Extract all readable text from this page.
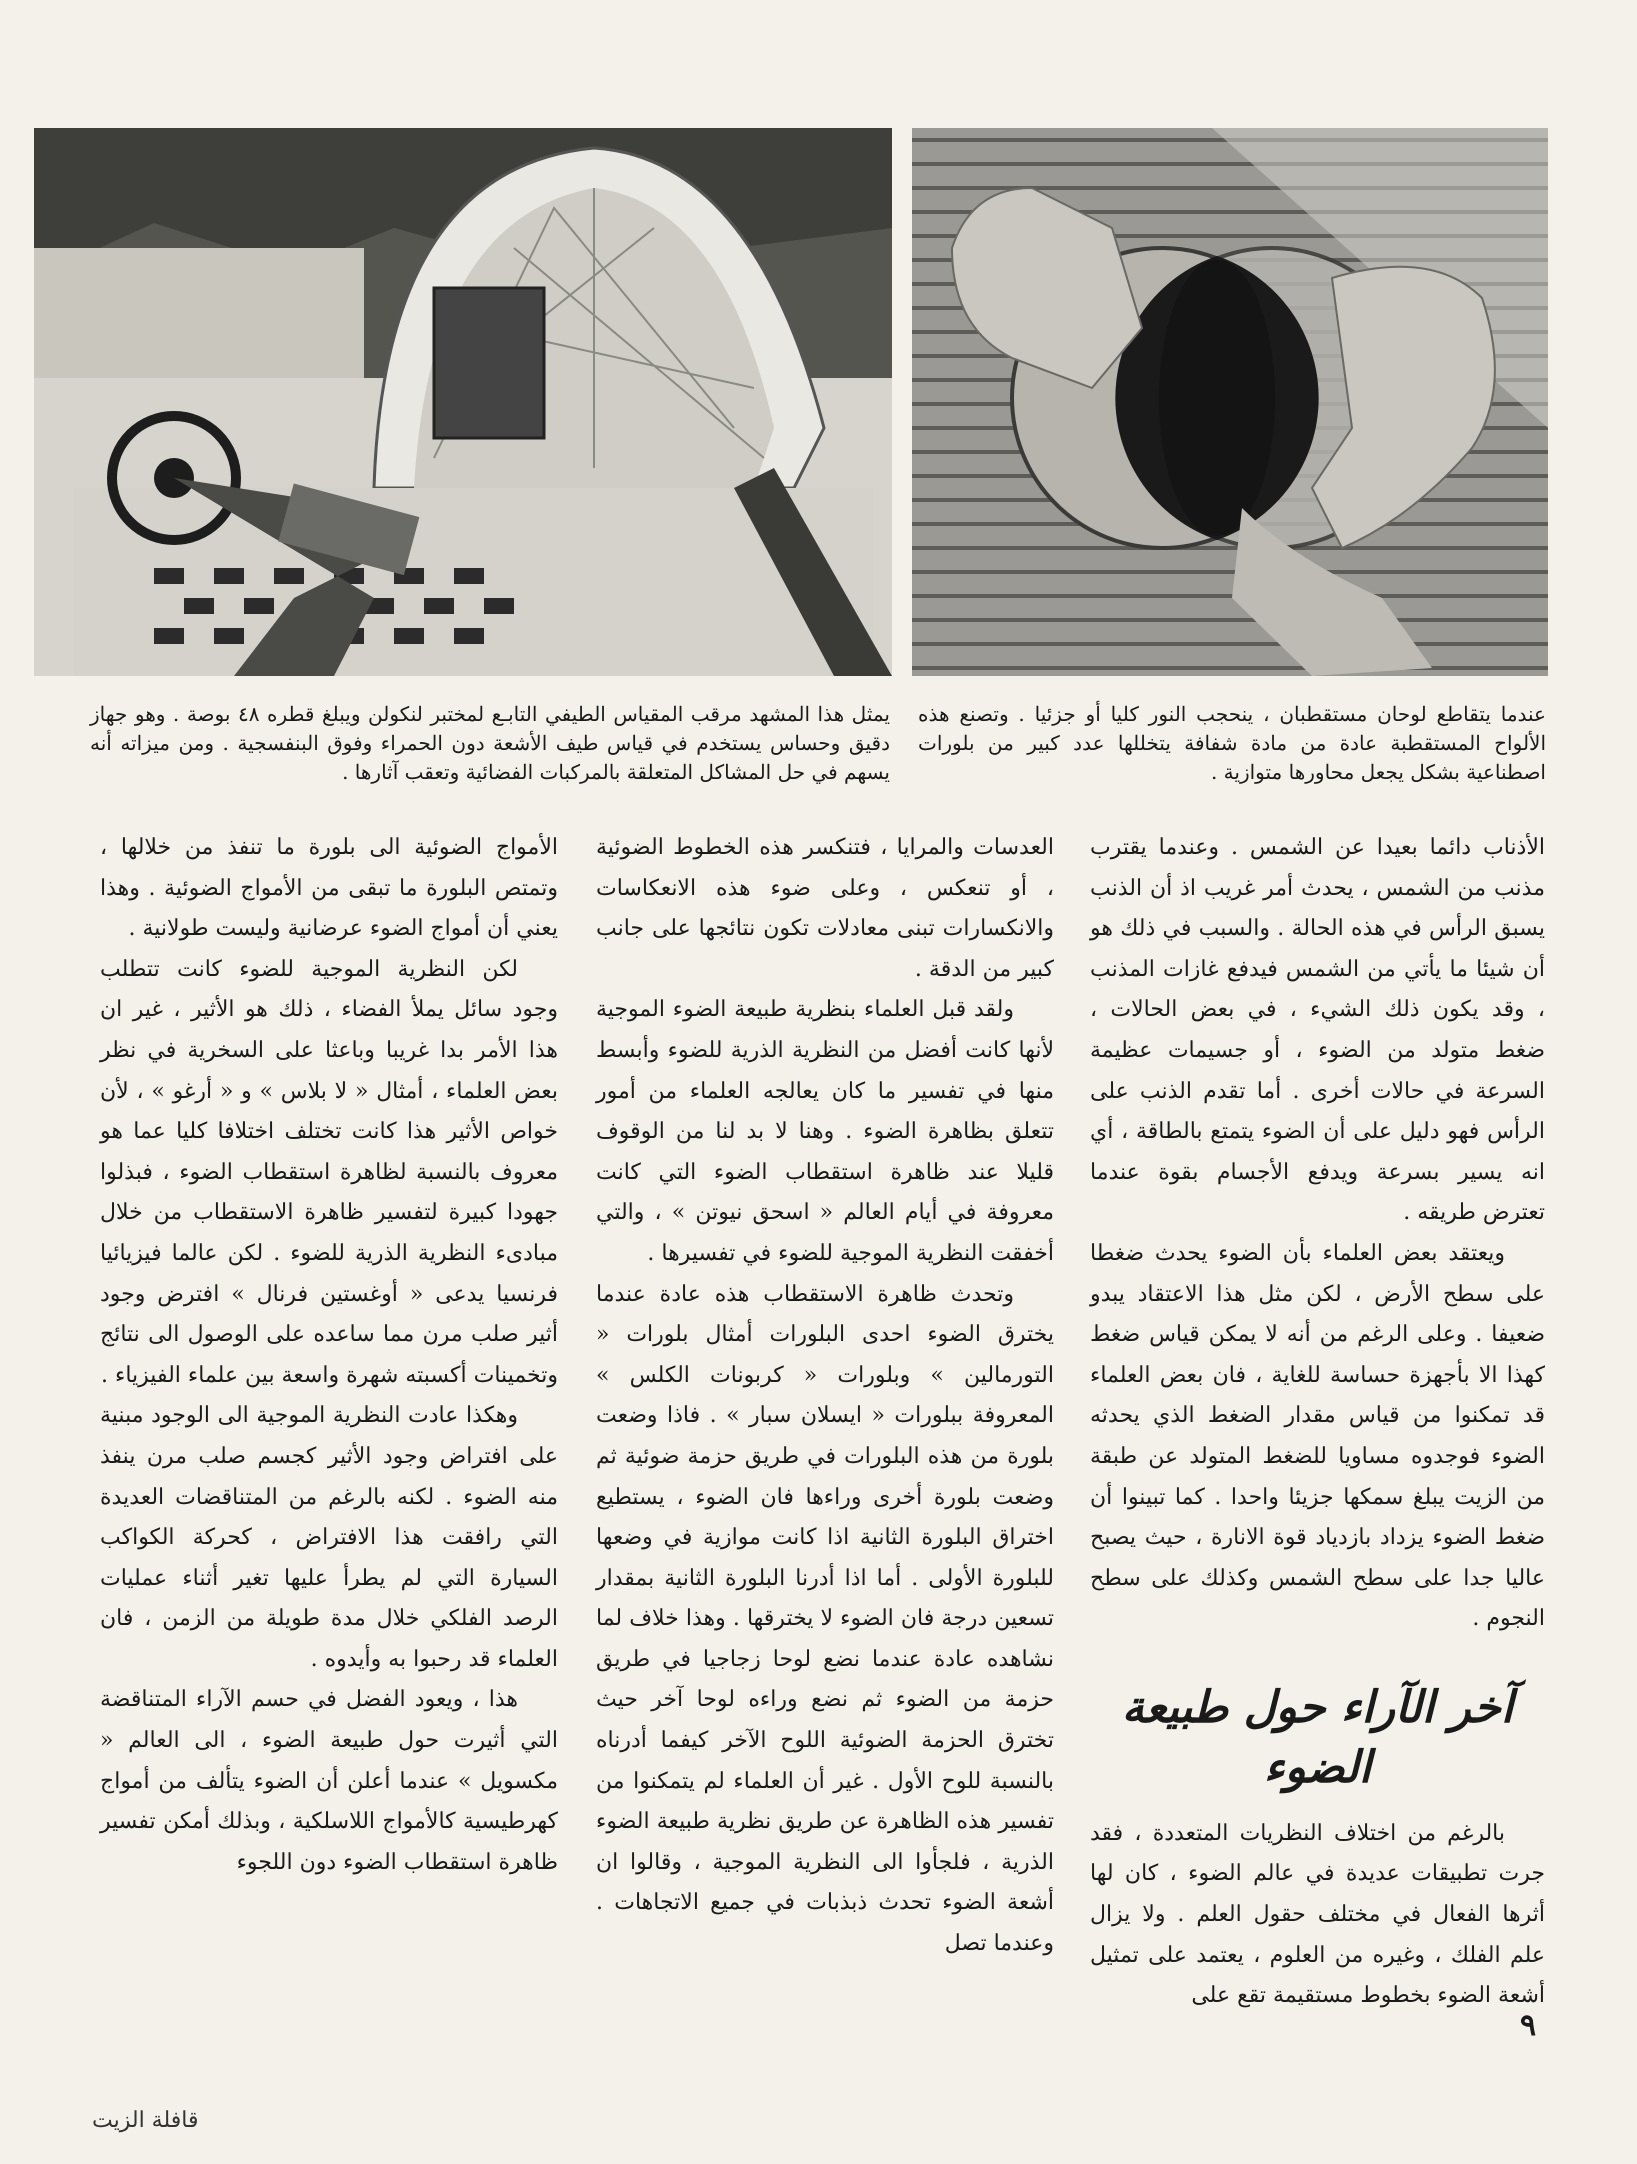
يمثل هذا المشهد مرقب المقياس الطيفي التابـع لمختبر لنكولن ويبلغ قطره ٤٨ بوصة . وهو جهاز دقيق وحساس يستخدم في قياس طيف الأشعة دون الحمراء وفوق البنفسجية . ومن ميزاته أنه يسهم في حل المشاكل المتعلقة بالمركبات الفضائية وتعقب آثارها .
عندما يتقاطع لوحان مستقطبان ، ينحجب النور كليا أو جزئيا . وتصنع هذه الألواح المستقطبة عادة من مادة شفافة يتخللها عدد كبير من بلورات اصطناعية بشكل يجعل محاورها متوازية .

الأذناب دائما بعيدا عن الشمس . وعندما يقترب مذنب من الشمس ، يحدث أمر غريب اذ أن الذنب يسبق الرأس في هذه الحالة . والسبب في ذلك هو أن شيئا ما يأتي من الشمس فيدفع غازات المذنب ، وقد يكون ذلك الشيء ، في بعض الحالات ، ضغط متولد من الضوء ، أو جسيمات عظيمة السرعة في حالات أخرى . أما تقدم الذنب على الرأس فهو دليل على أن الضوء يتمتع بالطاقة ، أي انه يسير بسرعة ويدفع الأجسام بقوة عندما تعترض طريقه .

ويعتقد بعض العلماء بأن الضوء يحدث ضغطا على سطح الأرض ، لكن مثل هذا الاعتقاد يبدو ضعيفا . وعلى الرغم من أنه لا يمكن قياس ضغط كهذا الا بأجهزة حساسة للغاية ، فان بعض العلماء قد تمكنوا من قياس مقدار الضغط الذي يحدثه الضوء فوجدوه مساويا للضغط المتولد عن طبقة من الزيت يبلغ سمكها جزيئا واحدا . كما تبينوا أن ضغط الضوء يزداد بازدياد قوة الانارة ، حيث يصبح عاليا جدا على سطح الشمس وكذلك على سطح النجوم .

آخر الآراء حول طبيعة الضوء

بالرغم من اختلاف النظريات المتعددة ، فقد جرت تطبيقات عديدة في عالم الضوء ، كان لها أثرها الفعال في مختلف حقول العلم . ولا يزال علم الفلك ، وغيره من العلوم ، يعتمد على تمثيل أشعة الضوء بخطوط مستقيمة تقع على

العدسات والمرايا ، فتنكسر هذه الخطوط الضوئية ، أو تنعكس ، وعلى ضوء هذه الانعكاسات والانكسارات تبنى معادلات تكون نتائجها على جانب كبير من الدقة .

ولقد قبل العلماء بنظرية طبيعة الضوء الموجية لأنها كانت أفضل من النظرية الذرية للضوء وأبسط منها في تفسير ما كان يعالجه العلماء من أمور تتعلق بظاهرة الضوء . وهنا لا بد لنا من الوقوف قليلا عند ظاهرة استقطاب الضوء التي كانت معروفة في أيام العالم « اسحق نيوتن » ، والتي أخفقت النظرية الموجية للضوء في تفسيرها .

وتحدث ظاهرة الاستقطاب هذه عادة عندما يخترق الضوء احدى البلورات أمثال بلورات « التورمالين » وبلورات « كربونات الكلس » المعروفة ببلورات « ايسلان سبار » . فاذا وضعت بلورة من هذه البلورات في طريق حزمة ضوئية ثم وضعت بلورة أخرى وراءها فان الضوء ، يستطيع اختراق البلورة الثانية اذا كانت موازية في وضعها للبلورة الأولى . أما اذا أدرنا البلورة الثانية بمقدار تسعين درجة فان الضوء لا يخترقها . وهذا خلاف لما نشاهده عادة عندما نضع لوحا زجاجيا في طريق حزمة من الضوء ثم نضع وراءه لوحا آخر حيث تخترق الحزمة الضوئية اللوح الآخر كيفما أدرناه بالنسبة للوح الأول . غير أن العلماء لم يتمكنوا من تفسير هذه الظاهرة عن طريق نظرية طبيعة الضوء الذرية ، فلجأوا الى النظرية الموجية ، وقالوا ان أشعة الضوء تحدث ذبذبات في جميع الاتجاهات . وعندما تصل

الأمواج الضوئية الى بلورة ما تنفذ من خلالها ، وتمتص البلورة ما تبقى من الأمواج الضوئية . وهذا يعني أن أمواج الضوء عرضانية وليست طولانية .

لكن النظرية الموجية للضوء كانت تتطلب وجود سائل يملأ الفضاء ، ذلك هو الأثير ، غير ان هذا الأمر بدا غريبا وباعثا على السخرية في نظر بعض العلماء ، أمثال « لا بلاس » و « أرغو » ، لأن خواص الأثير هذا كانت تختلف اختلافا كليا عما هو معروف بالنسبة لظاهرة استقطاب الضوء ، فبذلوا جهودا كبيرة لتفسير ظاهرة الاستقطاب من خلال مبادىء النظرية الذرية للضوء . لكن عالما فيزيائيا فرنسيا يدعى « أوغستين فرنال » افترض وجود أثير صلب مرن مما ساعده على الوصول الى نتائج وتخمينات أكسبته شهرة واسعة بين علماء الفيزياء .

وهكذا عادت النظرية الموجية الى الوجود مبنية على افتراض وجود الأثير كجسم صلب مرن ينفذ منه الضوء . لكنه بالرغم من المتناقضات العديدة التي رافقت هذا الافتراض ، كحركة الكواكب السيارة التي لم يطرأ عليها تغير أثناء عمليات الرصد الفلكي خلال مدة طويلة من الزمن ، فان العلماء قد رحبوا به وأيدوه .

هذا ، ويعود الفضل في حسم الآراء المتناقضة التي أثيرت حول طبيعة الضوء ، الى العالم « مكسويل » عندما أعلن أن الضوء يتألف من أمواج كهرطيسية كالأمواج اللاسلكية ، وبذلك أمكن تفسير ظاهرة استقطاب الضوء دون اللجوء

٩
قافلة الزيت
